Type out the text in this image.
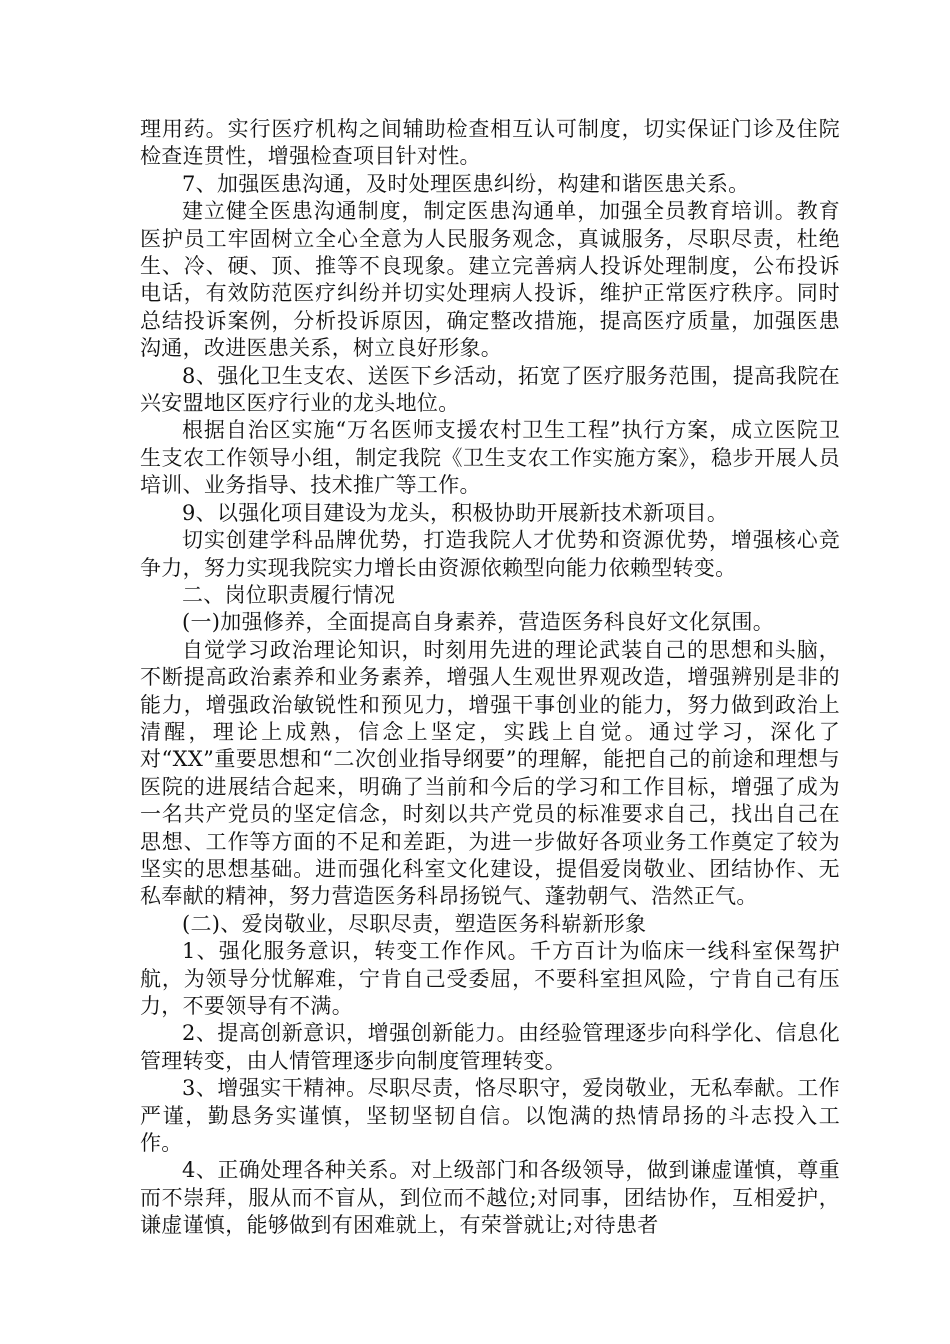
理用药。实行医疗机构之间辅助检查相互认可制度，切实保证门诊及住院检查连贯性，增强检查项目针对性。

7、加强医患沟通，及时处理医患纠纷，构建和谐医患关系。

建立健全医患沟通制度，制定医患沟通单，加强全员教育培训。教育医护员工牢固树立全心全意为人民服务观念，真诚服务，尽职尽责，杜绝生、冷、硬、顶、推等不良现象。建立完善病人投诉处理制度，公布投诉电话，有效防范医疗纠纷并切实处理病人投诉，维护正常医疗秩序。同时总结投诉案例，分析投诉原因，确定整改措施，提高医疗质量，加强医患沟通，改进医患关系，树立良好形象。

8、强化卫生支农、送医下乡活动，拓宽了医疗服务范围，提高我院在兴安盟地区医疗行业的龙头地位。

根据自治区实施“万名医师支援农村卫生工程”执行方案，成立医院卫生支农工作领导小组，制定我院《卫生支农工作实施方案》，稳步开展人员培训、业务指导、技术推广等工作。

9、以强化项目建设为龙头，积极协助开展新技术新项目。

切实创建学科品牌优势，打造我院人才优势和资源优势，增强核心竞争力，努力实现我院实力增长由资源依赖型向能力依赖型转变。

二、岗位职责履行情况

(一)加强修养，全面提高自身素养，营造医务科良好文化氛围。

自觉学习政治理论知识，时刻用先进的理论武装自己的思想和头脑，不断提高政治素养和业务素养，增强人生观世界观改造，增强辨别是非的能力，增强政治敏锐性和预见力，增强干事创业的能力，努力做到政治上清醒，理论上成熟，信念上坚定，实践上自觉。通过学习，深化了对“XX”重要思想和“二次创业指导纲要”的理解，能把自己的前途和理想与医院的进展结合起来，明确了当前和今后的学习和工作目标，增强了成为一名共产党员的坚定信念，时刻以共产党员的标准要求自己，找出自己在思想、工作等方面的不足和差距，为进一步做好各项业务工作奠定了较为坚实的思想基础。进而强化科室文化建设，提倡爱岗敬业、团结协作、无私奉献的精神，努力营造医务科昂扬锐气、蓬勃朝气、浩然正气。

(二)、爱岗敬业，尽职尽责，塑造医务科崭新形象

1、强化服务意识，转变工作作风。千方百计为临床一线科室保驾护航，为领导分忧解难，宁肯自己受委屈，不要科室担风险，宁肯自己有压力，不要领导有不满。

2、提高创新意识，增强创新能力。由经验管理逐步向科学化、信息化管理转变，由人情管理逐步向制度管理转变。

3、增强实干精神。尽职尽责，恪尽职守，爱岗敬业，无私奉献。工作严谨，勤恳务实谨慎，坚韧坚韧自信。以饱满的热情昂扬的斗志投入工作。

4、正确处理各种关系。对上级部门和各级领导，做到谦虚谨慎，尊重而不崇拜，服从而不盲从，到位而不越位;对同事，团结协作，互相爱护，谦虚谨慎，能够做到有困难就上，有荣誉就让;对待患者
